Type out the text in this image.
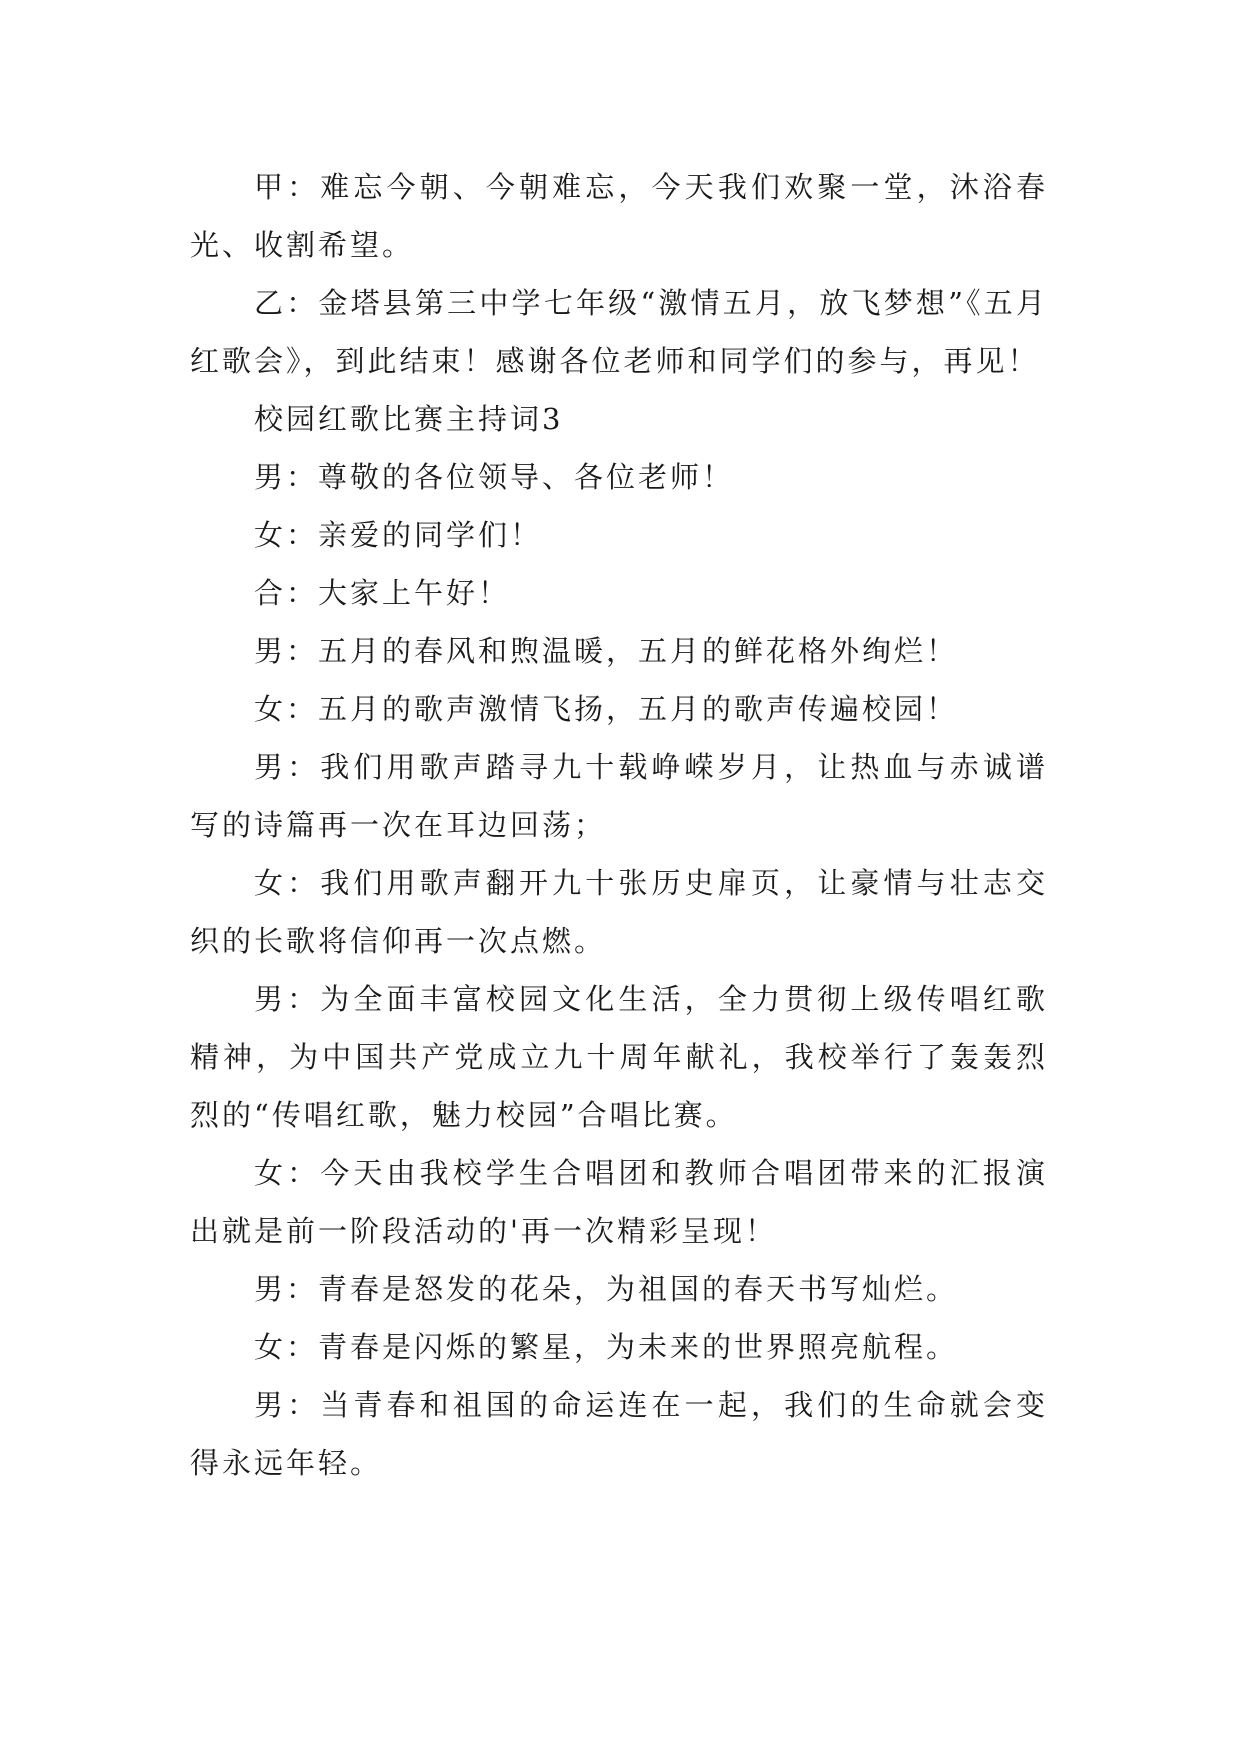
甲：难忘今朝、今朝难忘，今天我们欢聚一堂，沐浴春光、收割希望。

乙：金塔县第三中学七年级“激情五月，放飞梦想”《五月红歌会》，到此结束！感谢各位老师和同学们的参与，再见！

校园红歌比赛主持词3

男：尊敬的各位领导、各位老师！

女：亲爱的同学们！

合：大家上午好！

男：五月的春风和煦温暖，五月的鲜花格外绚烂！

女：五月的歌声激情飞扬，五月的歌声传遍校园！

男：我们用歌声踏寻九十载峥嵘岁月，让热血与赤诚谱写的诗篇再一次在耳边回荡；

女：我们用歌声翻开九十张历史扉页，让豪情与壮志交织的长歌将信仰再一次点燃。

男：为全面丰富校园文化生活，全力贯彻上级传唱红歌精神，为中国共产党成立九十周年献礼，我校举行了轰轰烈烈的“传唱红歌，魅力校园”合唱比赛。

女：今天由我校学生合唱团和教师合唱团带来的汇报演出就是前一阶段活动的'再一次精彩呈现！

男：青春是怒发的花朵，为祖国的春天书写灿烂。

女：青春是闪烁的繁星，为未来的世界照亮航程。

男：当青春和祖国的命运连在一起，我们的生命就会变得永远年轻。
